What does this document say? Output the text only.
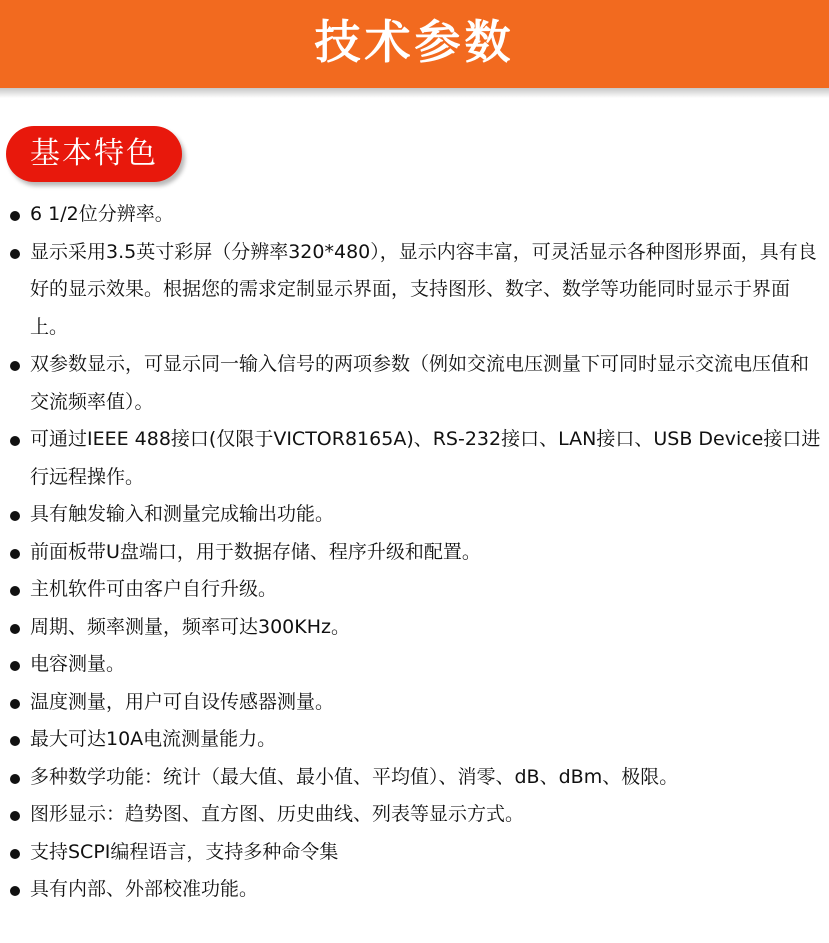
技术参数
基本特色
6 1/2位分辨率。
显示采用3.5英寸彩屏（分辨率320*480），显示内容丰富，可灵活显示各种图形界面，具有良好的显示效果。根据您的需求定制显示界面，支持图形、数字、数学等功能同时显示于界面上。
双参数显示，可显示同一输入信号的两项参数（例如交流电压测量下可同时显示交流电压值和交流频率值）。
可通过IEEE 488接口(仅限于VICTOR8165A)、RS-232接口、LAN接口、USB Device接口进行远程操作。
具有触发输入和测量完成输出功能。
前面板带U盘端口，用于数据存储、程序升级和配置。
主机软件可由客户自行升级。
周期、频率测量，频率可达300KHz。
电容测量。
温度测量，用户可自设传感器测量。
最大可达10A电流测量能力。
多种数学功能：统计（最大值、最小值、平均值）、消零、dB、dBm、极限。
图形显示：趋势图、直方图、历史曲线、列表等显示方式。
支持SCPI编程语言，支持多种命令集
具有内部、外部校准功能。
